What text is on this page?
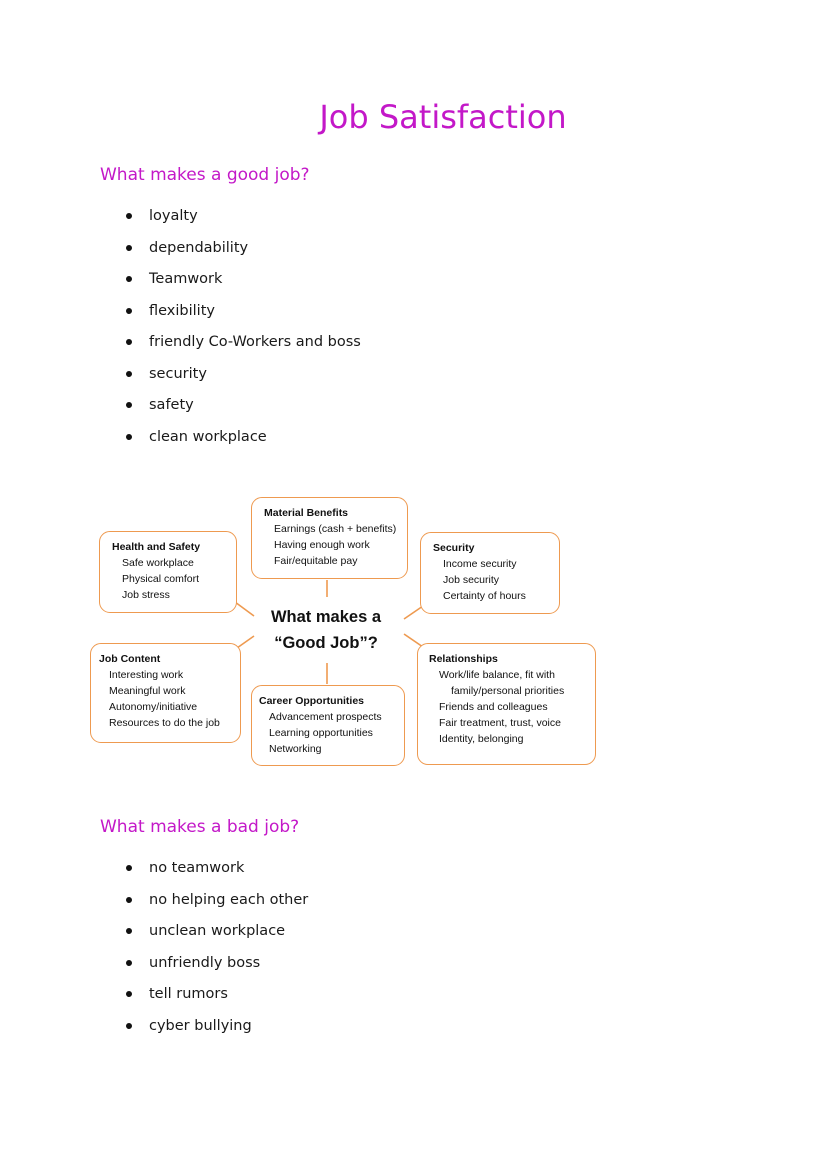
Job Satisfaction
What makes a good job?
loyalty
dependability
Teamwork
flexibility
friendly Co-Workers and boss
security
safety
clean workplace
Material Benefits
Earnings (cash + benefits)
Having enough work
Fair/equitable pay
Health and Safety
Safe workplace
Physical comfort
Job stress
Security
Income security
Job security
Certainty of hours
What makes a
“Good Job”?
Job Content
Interesting work
Meaningful work
Autonomy/initiative
Resources to do the job
Career Opportunities
Advancement prospects
Learning opportunities
Networking
Relationships
Work/life balance, fit with
family/personal priorities
Friends and colleagues
Fair treatment, trust, voice
Identity, belonging
What makes a bad job?
no teamwork
no helping each other
unclean workplace
unfriendly boss
tell rumors
cyber bullying
